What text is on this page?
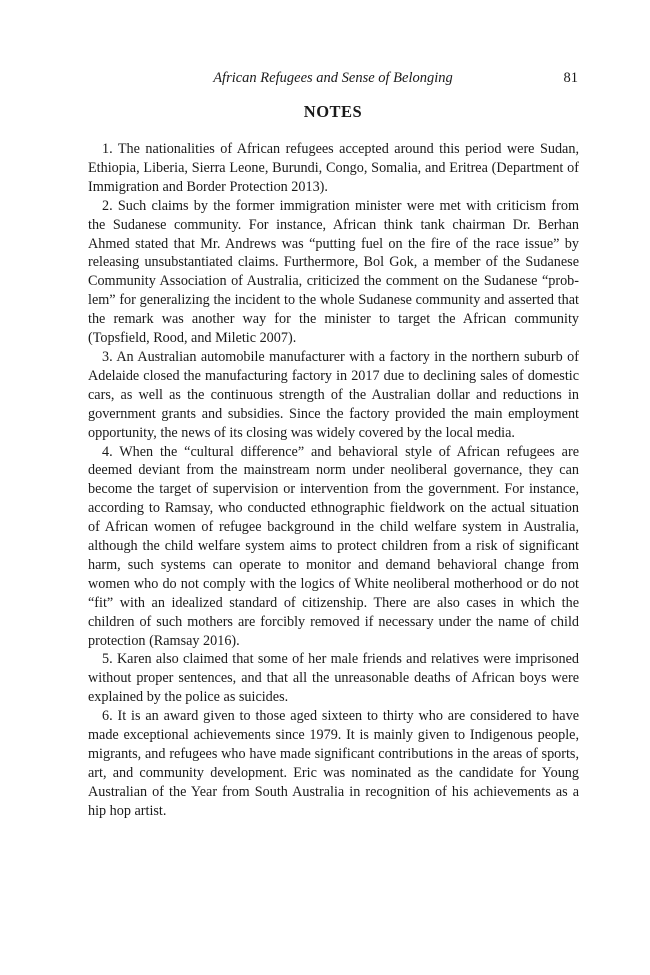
African Refugees and Sense of Belonging	81
NOTES

1. The nationalities of African refugees accepted around this period were Sudan, Ethiopia, Liberia, Sierra Leone, Burundi, Congo, Somalia, and Eritrea (Department of Immigration and Border Protection 2013).

2. Such claims by the former immigration minister were met with criticism from the Sudanese community. For instance, African think tank chairman Dr. Berhan Ahmed stated that Mr. Andrews was “putting fuel on the fire of the race issue” by releasing unsubstantiated claims. Furthermore, Bol Gok, a member of the Sudanese Community Association of Australia, criticized the comment on the Sudanese “problem” for generalizing the incident to the whole Sudanese community and asserted that the remark was another way for the minister to target the African community (Topsfield, Rood, and Miletic 2007).

3. An Australian automobile manufacturer with a factory in the northern suburb of Adelaide closed the manufacturing factory in 2017 due to declining sales of domestic cars, as well as the continuous strength of the Australian dollar and reductions in government grants and subsidies. Since the factory provided the main employment opportunity, the news of its closing was widely covered by the local media.

4. When the “cultural difference” and behavioral style of African refugees are deemed deviant from the mainstream norm under neoliberal governance, they can become the target of supervision or intervention from the government. For instance, according to Ramsay, who conducted ethnographic fieldwork on the actual situation of African women of refugee background in the child welfare system in Australia, although the child welfare system aims to protect children from a risk of significant harm, such systems can operate to monitor and demand behavioral change from women who do not comply with the logics of White neoliberal motherhood or do not “fit” with an idealized standard of citizenship. There are also cases in which the children of such mothers are forcibly removed if necessary under the name of child protection (Ramsay 2016).

5. Karen also claimed that some of her male friends and relatives were imprisoned without proper sentences, and that all the unreasonable deaths of African boys were explained by the police as suicides.

6. It is an award given to those aged sixteen to thirty who are considered to have made exceptional achievements since 1979. It is mainly given to Indigenous people, migrants, and refugees who have made significant contributions in the areas of sports, art, and community development. Eric was nominated as the candidate for Young Australian of the Year from South Australia in recognition of his achievements as a hip hop artist.
